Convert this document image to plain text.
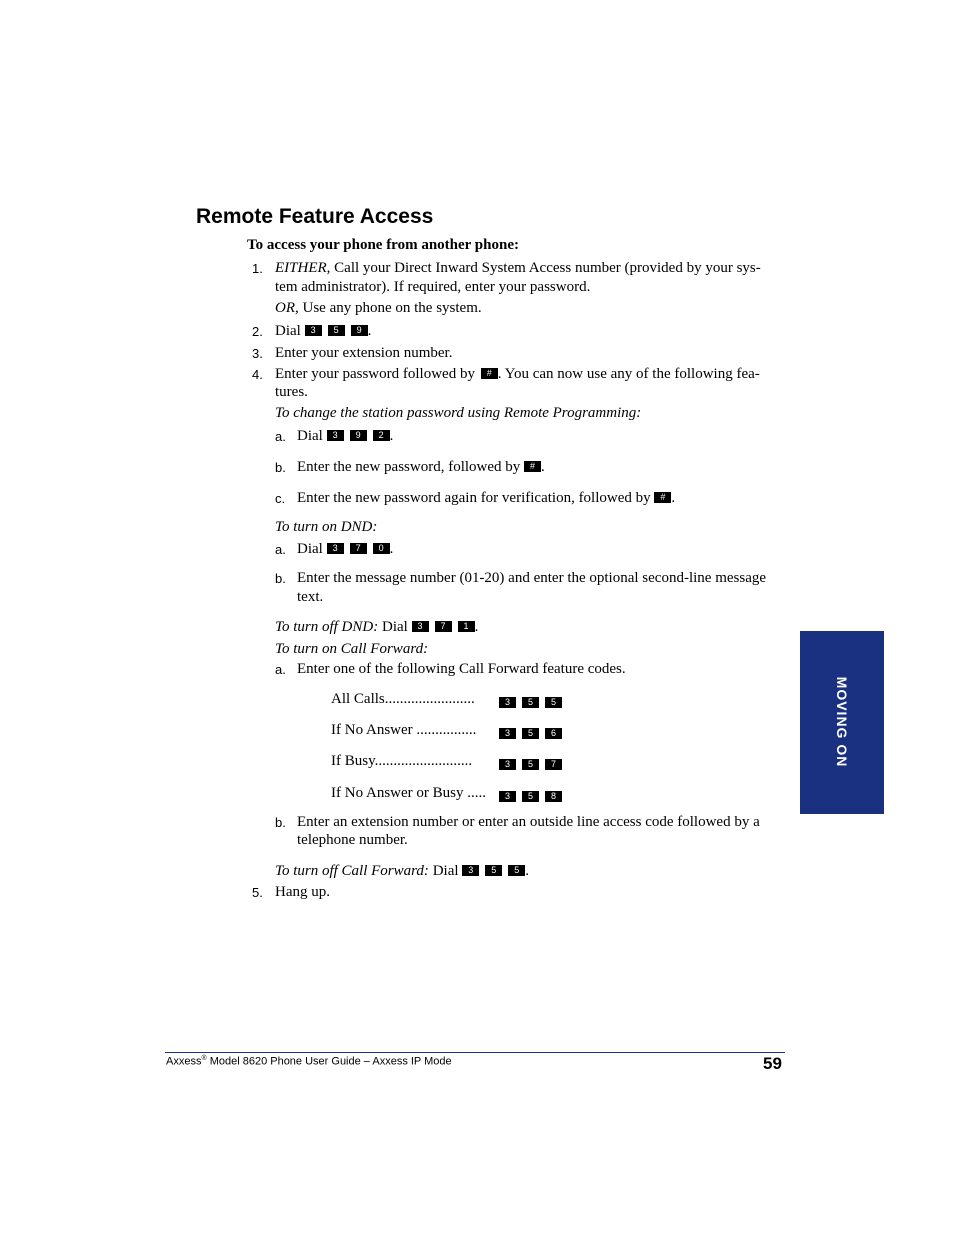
Remote Feature Access
To access your phone from another phone:
1. EITHER, Call your Direct Inward System Access number (provided by your sys-
tem administrator). If required, enter your password.
OR, Use any phone on the system.
2. Dial 3 5 9 .
3. Enter your extension number.
4. Enter your password followed by # . You can now use any of the following fea-
tures.
To change the station password using Remote Programming:
a. Dial 3 9 2 .
b. Enter the new password, followed by # .
c. Enter the new password again for verification, followed by # .
To turn on DND:
a. Dial 3 7 0 .
b. Enter the message number (01-20) and enter the optional second-line message
text.
To turn off DND: Dial 3 7 1 .
To turn on Call Forward:
a. Enter one of the following Call Forward feature codes.
All Calls........................	3 5 5
If No Answer ................	3 5 6
If Busy..........................	3 5 7
If No Answer or Busy .....	3 5 8
b. Enter an extension number or enter an outside line access code followed by a
telephone number.
To turn off Call Forward: Dial 3 5 5 .
5. Hang up.
MOVING ON
Axxess® Model 8620 Phone User Guide – Axxess IP Mode	59
